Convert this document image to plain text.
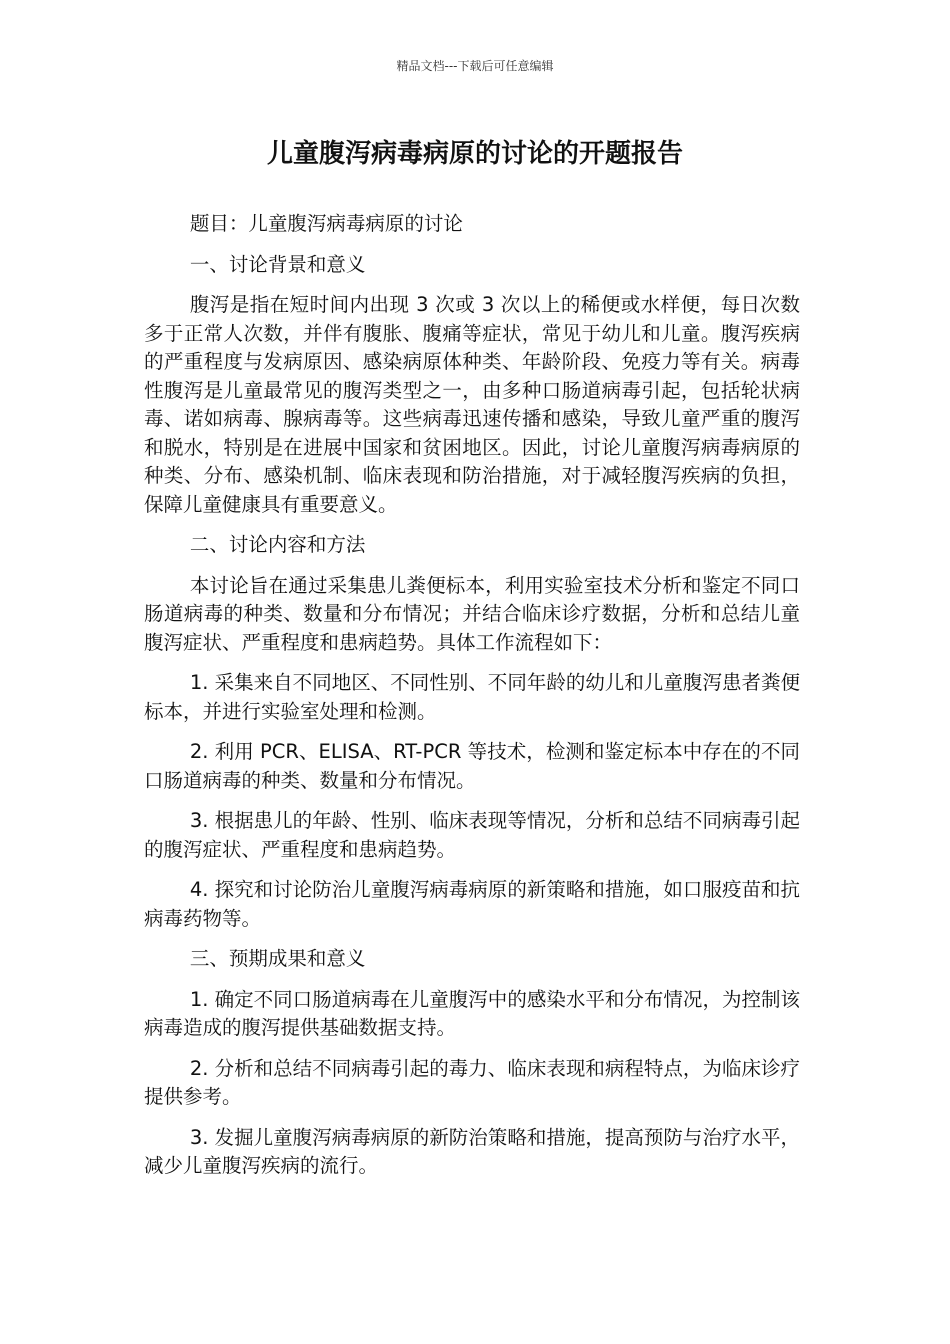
精品文档---下载后可任意编辑
儿童腹泻病毒病原的讨论的开题报告

题目：儿童腹泻病毒病原的讨论

一、讨论背景和意义

腹泻是指在短时间内出现 3 次或 3 次以上的稀便或水样便，每日次数多于正常人次数，并伴有腹胀、腹痛等症状，常见于幼儿和儿童。腹泻疾病的严重程度与发病原因、感染病原体种类、年龄阶段、免疫力等有关。病毒性腹泻是儿童最常见的腹泻类型之一，由多种口肠道病毒引起，包括轮状病毒、诺如病毒、腺病毒等。这些病毒迅速传播和感染，导致儿童严重的腹泻和脱水，特别是在进展中国家和贫困地区。因此，讨论儿童腹泻病毒病原的种类、分布、感染机制、临床表现和防治措施，对于减轻腹泻疾病的负担，保障儿童健康具有重要意义。

二、讨论内容和方法

本讨论旨在通过采集患儿粪便标本，利用实验室技术分析和鉴定不同口肠道病毒的种类、数量和分布情况；并结合临床诊疗数据，分析和总结儿童腹泻症状、严重程度和患病趋势。具体工作流程如下：

1. 采集来自不同地区、不同性别、不同年龄的幼儿和儿童腹泻患者粪便标本，并进行实验室处理和检测。

2. 利用 PCR、ELISA、RT-PCR 等技术，检测和鉴定标本中存在的不同口肠道病毒的种类、数量和分布情况。

3. 根据患儿的年龄、性别、临床表现等情况，分析和总结不同病毒引起的腹泻症状、严重程度和患病趋势。

4. 探究和讨论防治儿童腹泻病毒病原的新策略和措施，如口服疫苗和抗病毒药物等。

三、预期成果和意义

1. 确定不同口肠道病毒在儿童腹泻中的感染水平和分布情况，为控制该病毒造成的腹泻提供基础数据支持。

2. 分析和总结不同病毒引起的毒力、临床表现和病程特点，为临床诊疗提供参考。

3. 发掘儿童腹泻病毒病原的新防治策略和措施，提高预防与治疗水平，减少儿童腹泻疾病的流行。
